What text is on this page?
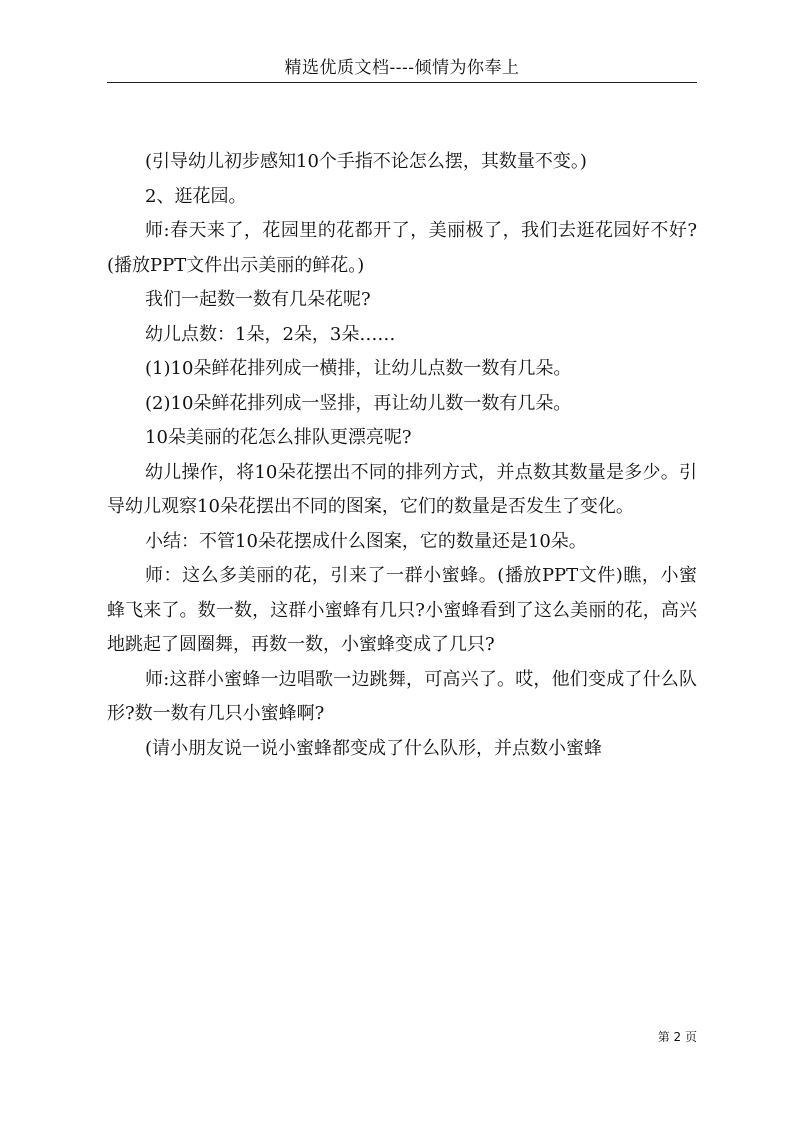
精选优质文档----倾情为你奉上

(引导幼儿初步感知10个手指不论怎么摆，其数量不变。)

2、逛花园。

师:春天来了，花园里的花都开了，美丽极了，我们去逛花园好不好?(播放PPT文件出示美丽的鲜花。)

我们一起数一数有几朵花呢?

幼儿点数：1朵，2朵，3朵……

(1)10朵鲜花排列成一横排，让幼儿点数一数有几朵。

(2)10朵鲜花排列成一竖排，再让幼儿数一数有几朵。

10朵美丽的花怎么排队更漂亮呢?

幼儿操作，将10朵花摆出不同的排列方式，并点数其数量是多少。引导幼儿观察10朵花摆出不同的图案，它们的数量是否发生了变化。

小结：不管10朵花摆成什么图案，它的数量还是10朵。

师：这么多美丽的花，引来了一群小蜜蜂。(播放PPT文件)瞧，小蜜蜂飞来了。数一数，这群小蜜蜂有几只?小蜜蜂看到了这么美丽的花，高兴地跳起了圆圈舞，再数一数，小蜜蜂变成了几只?

师:这群小蜜蜂一边唱歌一边跳舞，可高兴了。哎，他们变成了什么队形?数一数有几只小蜜蜂啊?

(请小朋友说一说小蜜蜂都变成了什么队形，并点数小蜜蜂

第 2 页
